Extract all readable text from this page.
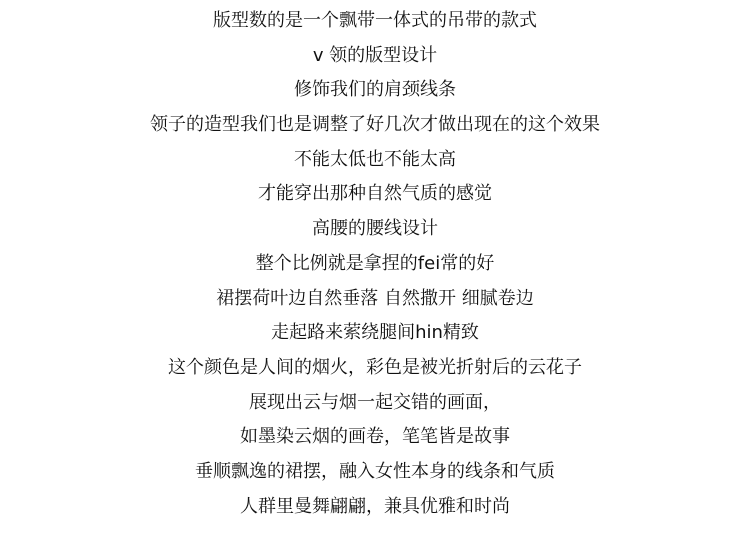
版型数的是一个飘带一体式的吊带的款式
v 领的版型设计
修饰我们的肩颈线条
领子的造型我们也是调整了好几次才做出现在的这个效果
不能太低也不能太高
才能穿出那种自然气质的感觉
高腰的腰线设计
整个比例就是拿捏的fei常的好
裙摆荷叶边自然垂落 自然撒开 细腻卷边
走起路来萦绕腿间hin精致
这个颜色是人间的烟火，彩色是被光折射后的云花子
展现出云与烟一起交错的画面，
如墨染云烟的画卷，笔笔皆是故事
垂顺飘逸的裙摆，融入女性本身的线条和气质
人群里曼舞翩翩，兼具优雅和时尚
